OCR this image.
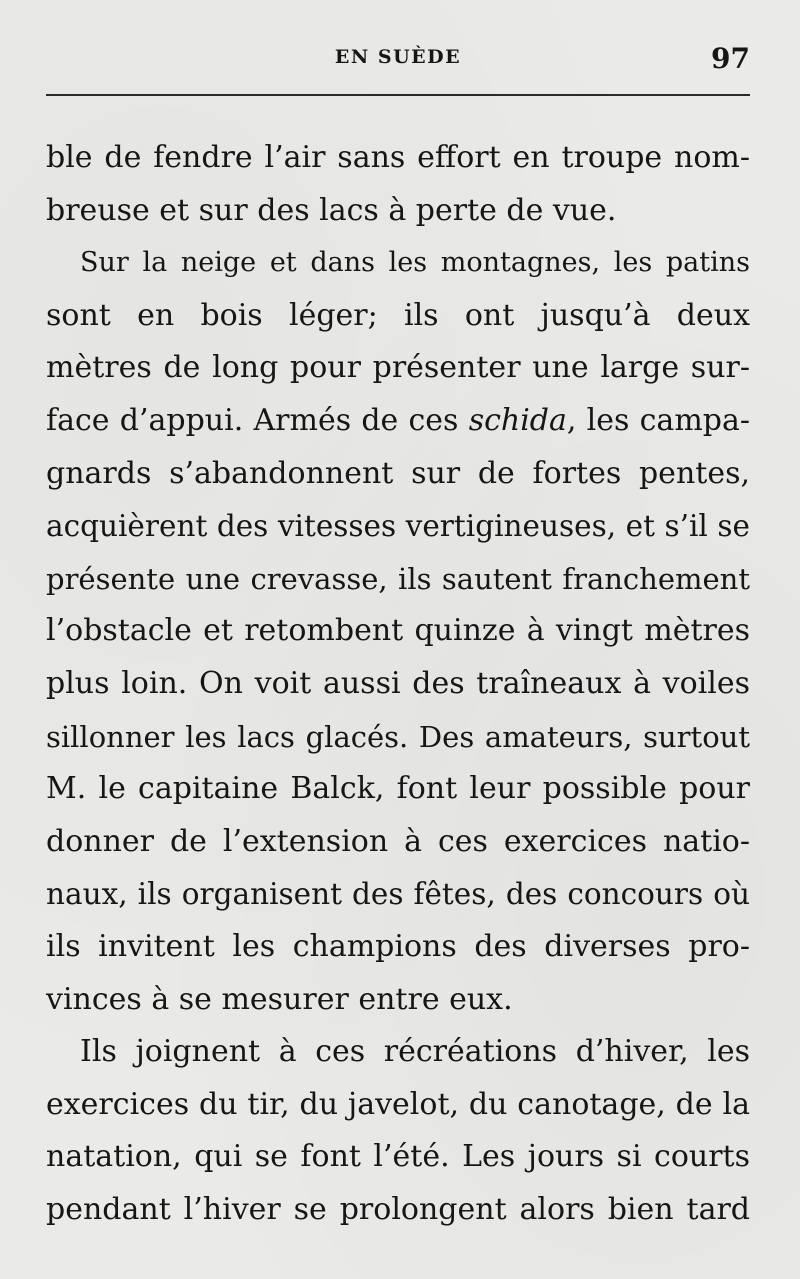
EN SUÈDE	97
ble de fendre l’air sans effort en troupe nom-
breuse et sur des lacs à perte de vue.
Sur la neige et dans les montagnes, les patins
sont en bois léger; ils ont jusqu’à deux
mètres de long pour présenter une large sur-
face d’appui. Armés de ces schida, les campa-
gnards s’abandonnent sur de fortes pentes,
acquièrent des vitesses vertigineuses, et s’il se
présente une crevasse, ils sautent franchement
l’obstacle et retombent quinze à vingt mètres
plus loin. On voit aussi des traîneaux à voiles
sillonner les lacs glacés. Des amateurs, surtout
M. le capitaine Balck, font leur possible pour
donner de l’extension à ces exercices natio-
naux, ils organisent des fêtes, des concours où
ils invitent les champions des diverses pro-
vinces à se mesurer entre eux.
Ils joignent à ces récréations d’hiver, les
exercices du tir, du javelot, du canotage, de la
natation, qui se font l’été. Les jours si courts
pendant l’hiver se prolongent alors bien tard
